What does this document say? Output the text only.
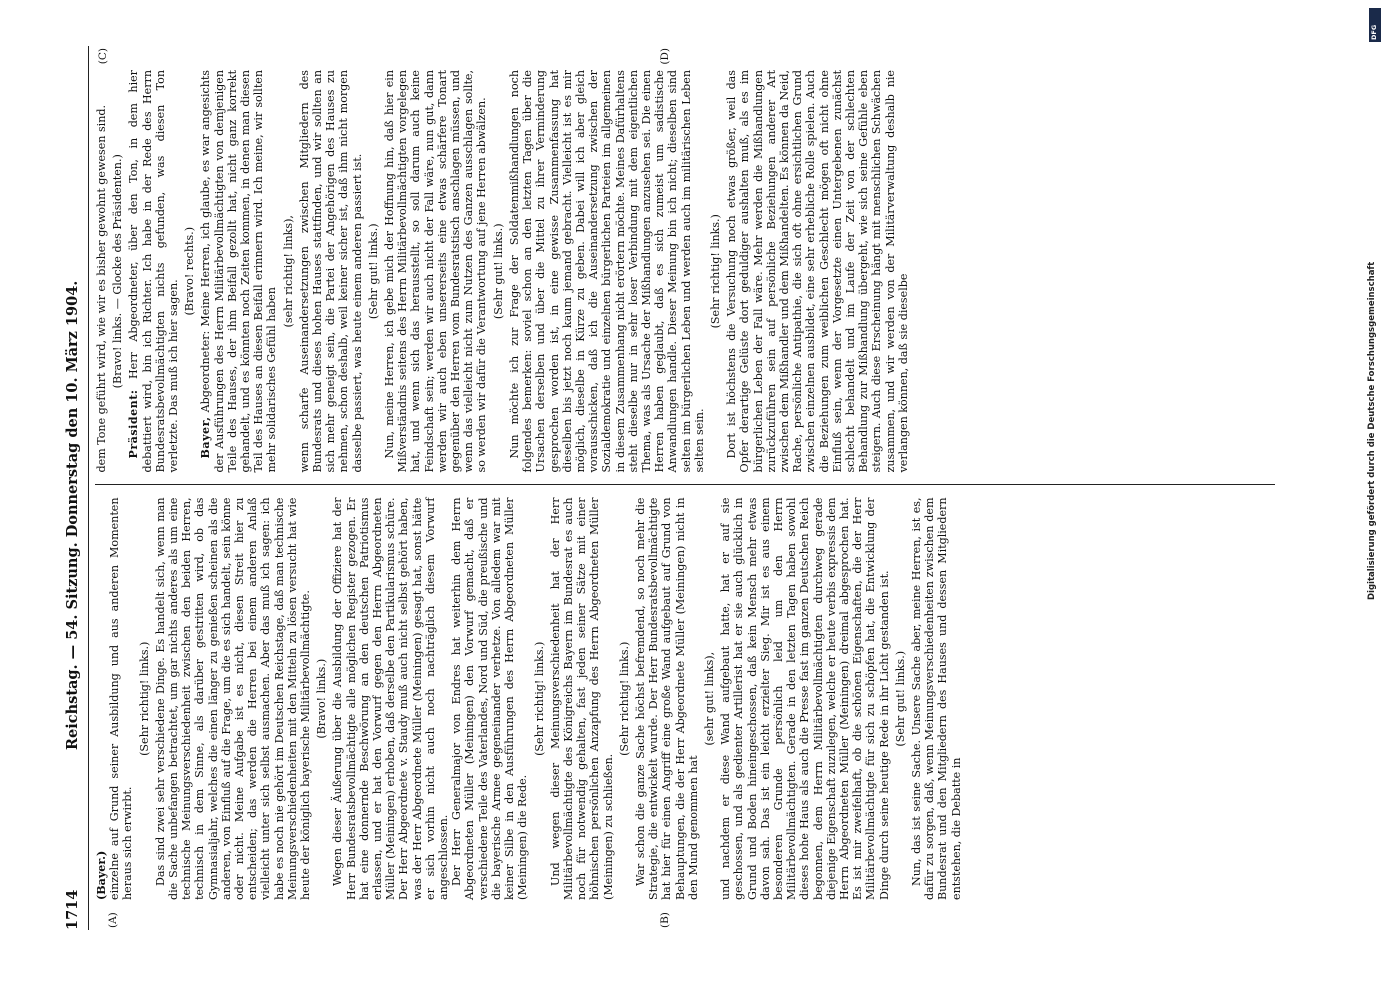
1714
Reichstag. — 54. Sitzung. Donnerstag den 10. März 1904.
(A)	(B)

(Bayer.) einzelne auf Grund seiner Ausbildung und aus anderen Momenten heraus sich erwirbt.

(Sehr richtig! links.) Das sind zwei sehr verschiedene Dinge. Es handelt sich, wenn man die Sache unbefangen betrachtet, um gar nichts anderes als um eine technische Meinungsverschiedenheit zwischen den beiden Herren, technisch in dem Sinne, als darüber gestritten wird, ob das Gymnasialjahr, welches die einen länger zu genießen scheinen als die anderen, von Einfluß auf die Frage, um die es sich handelt, sein könne oder nicht. Meine Aufgabe ist es nicht, diesen Streit hier zu entscheiden; das werden die Herren bei einem anderen Anlaß vielleicht unter sich selbst ausmachen. Aber das muß ich sagen: ich habe es noch nie gehört im Deutschen Reichstage, daß man technische Meinungsverschiedenheiten mit den Mitteln zu lösen versucht hat wie heute der königlich bayerische Militärbevollmächtigte. (Bravo! links.) Wegen dieser Äußerung über die Ausbildung der Offiziere hat der Herr Bundesratsbevollmächtigte alle möglichen Register gezogen. Er hat eine donnernde Beschwörung an den deutschen Patriotismus erlassen, und er hat den Vorwurf gegen den Herrn Abgeordneten Müller (Meiningen) erhoben, daß derselbe den Partikularismus schüre. Der Herr Abgeordnete v. Staudy muß auch nicht selbst gehört haben, was der Herr Abgeordnete Müller (Meiningen) gesagt hat, sonst hätte er sich vorhin nicht auch noch nachträglich diesem Vorwurf angeschlossen. Der Herr Generalmajor von Endres hat weiterhin dem Herrn Abgeordneten Müller (Meiningen) den Vorwurf gemacht, daß er verschiedene Teile des Vaterlandes, Nord und Süd, die preußische und die bayerische Armee gegeneinander verhetze. Von alledem war mit keiner Silbe in den Ausführungen des Herrn Abgeordneten Müller (Meiningen) die Rede.

(Sehr richtig! links.) Und wegen dieser Meinungsverschiedenheit hat der Herr Militärbevollmächtigte des Königreichs Bayern im Bundesrat es auch noch für notwendig gehalten, fast jeden seiner Sätze mit einer höhnischen persönlichen Anzapfung des Herrn Abgeordneten Müller (Meiningen) zu schließen.

(Sehr richtig! links.) War schon die ganze Sache höchst befremdend, so noch mehr die Strategie, die entwickelt wurde. Der Herr Bundesratsbevollmächtigte hat hier für einen Angriff eine große Wand aufgebaut auf Grund von Behauptungen, die der Herr Abgeordnete Müller (Meiningen) nicht in den Mund genommen hat

(sehr gut! links), und nachdem er diese Wand aufgebaut hatte, hat er auf sie geschossen, und als gedienter Artillerist hat er sie auch glücklich in Grund und Boden hineingeschossen, daß kein Mensch mehr etwas davon sah. Das ist ein leicht erzielter Sieg. Mir ist es aus einem besonderen Grunde persönlich leid um den Herrn Militärbevollmächtigten. Gerade in den letzten Tagen haben sowohl dieses hohe Haus als auch die Presse fast im ganzen Deutschen Reich begonnen, dem Herrn Militärbevollmächtigten durchweg gerade diejenige Eigenschaft zuzulegen, welche er heute verbis expressis dem Herrn Abgeordneten Müller (Meiningen) dreimal abgesprochen hat. Es ist mir zweifelhaft, ob die schönen Eigenschaften, die der Herr Militärbevollmächtigte für sich zu schöpfen hat, die Entwicklung der Dinge durch seine heutige Rede in ihr Licht gestanden ist. (Sehr gut! links.) Nun, das ist seine Sache. Unsere Sache aber, meine Herren, ist es, dafür zu sorgen, daß, wenn Meinungsverschiedenheiten zwischen dem Bundesrat und den Mitgliedern des Hauses und dessen Mitgliedern entstehen, die Debatte in

(C)	(D)

dem Tone geführt wird, wie wir es bisher gewohnt gewesen sind. (Bravo! links. — Glocke des Präsidenten.)

Präsident: Herr Abgeordneter, über den Ton, in dem hier debattiert wird, bin ich Richter. Ich habe in der Rede des Herrn Bundesratsbevollmächtigten nichts gefunden, was diesen Ton verletzte. Das muß ich hier sagen.

(Bravo! rechts.)

Bayer, Abgeordneter: Meine Herren, ich glaube, es war angesichts der Ausführungen des Herrn Militärbevollmächtigten von demjenigen Teile des Hauses, der ihm Beifall gezollt hat, nicht ganz korrekt gehandelt, und es könnten noch Zeiten kommen, in denen man diesen Teil des Hauses an diesen Beifall erinnern wird. Ich meine, wir sollten mehr solidarisches Gefühl haben

(sehr richtig! links), wenn scharfe Auseinandersetzungen zwischen Mitgliedern des Bundesrats und dieses hohen Hauses stattfinden, und wir sollten an sich mehr geneigt sein, die Partei der Angehörigen des Hauses zu nehmen, schon deshalb, weil keiner sicher ist, daß ihm nicht morgen dasselbe passiert, was heute einem anderen passiert ist. (Sehr gut! links.) Nun, meine Herren, ich gebe mich der Hoffnung hin, daß hier ein Mißverständnis seitens des Herrn Militärbevollmächtigten vorgelegen hat, und wenn sich das herausstellt, so soll darum auch keine Feindschaft sein; werden wir auch nicht der Fall wäre, nun gut, dann werden wir auch eben unsererseits eine etwas schärfere Tonart gegenüber den Herren vom Bundesratstisch anschlagen müssen, und wenn das vielleicht nicht zum Nutzen des Ganzen ausschlagen sollte, so werden wir dafür die Verantwortung auf jene Herren abwälzen. (Sehr gut! links.) Nun möchte ich zur Frage der Soldatenmißhandlungen noch folgendes bemerken: soviel schon an den letzten Tagen über die Ursachen derselben und über die Mittel zu ihrer Verminderung gesprochen worden ist, in eine gewisse Zusammenfassung hat dieselben bis jetzt noch kaum jemand gebracht. Vielleicht ist es mir möglich, dieselbe in Kürze zu geben. Dabei will ich aber gleich vorausschicken, daß ich die Auseinandersetzung zwischen der Sozialdemokratie und einzelnen bürgerlichen Parteien im allgemeinen in diesem Zusammenhang nicht erörtern möchte. Meines Dafürhaltens steht dieselbe nur in sehr loser Verbindung mit dem eigentlichen Thema, was als Ursache der Mißhandlungen anzusehen sei. Die einen Herren haben geglaubt, daß es sich zumeist um sadistische Anwandlungen handle. Dieser Meinung bin ich nicht; dieselben sind selten im bürgerlichen Leben und werden auch im militärischen Leben selten sein.

(Sehr richtig! links.) Dort ist höchstens die Versuchung noch etwas größer, weil das Opfer derartige Gelüste dort geduldiger aushalten muß, als es im bürgerlichen Leben der Fall wäre. Mehr werden die Mißhandlungen zurückzuführen sein auf persönliche Beziehungen anderer Art zwischen dem Mißhandler und dem Mißhandelten. Es können da Neid, Rache, persönliche Antipathie, die sich oft ohne ersichtlichen Grund zwischen einzelnen ausbildet, eine sehr erhebliche Rolle spielen. Auch die Beziehungen zum weiblichen Geschlecht mögen oft nicht ohne Einfluß sein, wenn der Vorgesetzte einen Untergebenen zunächst schlecht behandelt und im Laufe der Zeit von der schlechten Behandlung zur Mißhandlung übergeht, wie sich seine Gefühle eben steigern. Auch diese Erscheinung hängt mit menschlichen Schwächen zusammen, und wir werden von der Militärverwaltung deshalb nie verlangen können, daß sie dieselbe	Digitalisierung gefördert durch die Deutsche Forschungsgemeinschaft
DFG
